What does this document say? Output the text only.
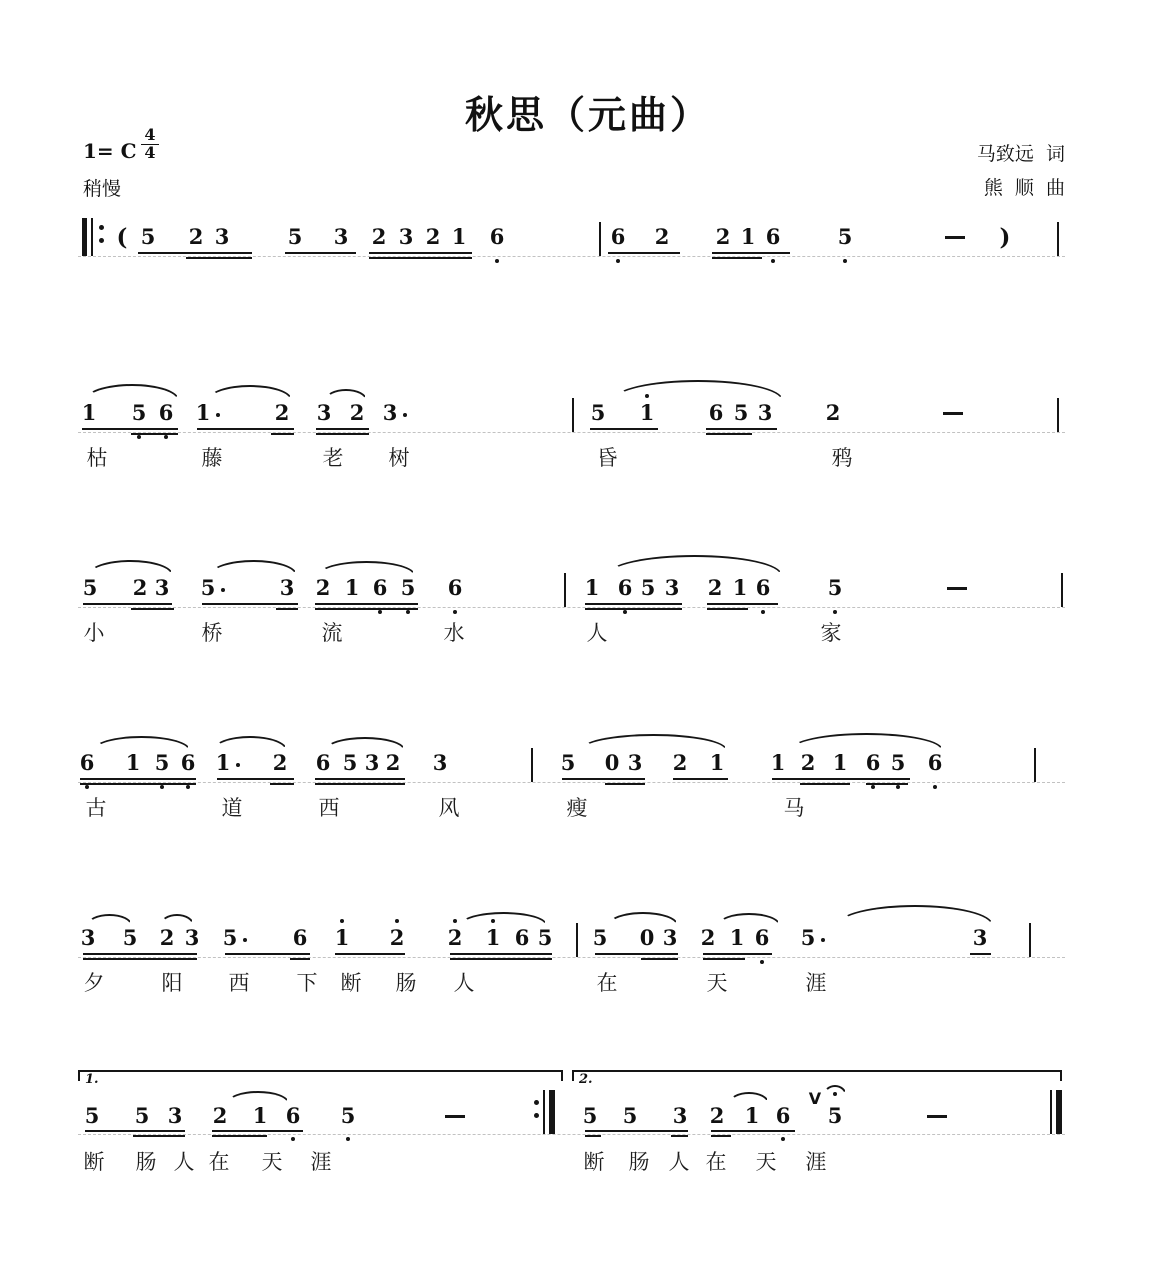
秋思（元曲）
1= C $\frac{4}{4}$
稍慢
马致远  词
熊  顺  曲
( 5 2 3	5 3 2 3 2 1 6	6 2 2 1 6	5	)
1 5 6 1	2 3 2 3	5 1	6 5 3	2
枯	藤	老 树	昏	鸦
5 2 3 5	3 2 1 6 5 6	1 6 5 3 2 1 6	5
小	桥	流	水	人	家
6 1 5 6 1 2 6 5 3 2 3	5 0 3 2 1 1 2 1 6 5 6
古	道	西	风	瘦	马
3 5 2 3 5	6 1 2 2 1 6 5 5 0 3 2 1 6 5	3
夕	阳 西 下 断 肠 人	在	天	涯
1.	2.
5 5 3 2 1 6 5	5 5 3 2 1 6
V
5
断 肠 人 在 天 涯	断 肠 人 在 天 涯
